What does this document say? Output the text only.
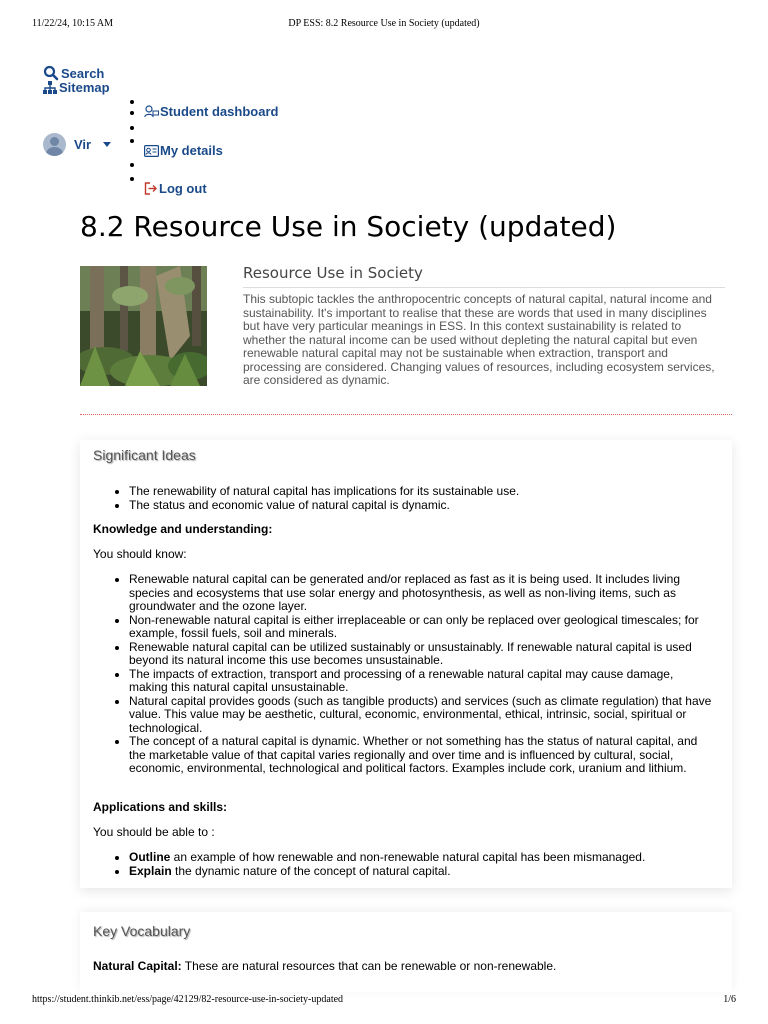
11/22/24, 10:15 AM	DP ESS: 8.2 Resource Use in Society (updated)
Search
Sitemap
Vir
Student dashboard
My details
Log out
8.2 Resource Use in Society (updated)
Resource Use in Society

This subtopic tackles the anthropocentric concepts of natural capital, natural income and sustainability. It's important to realise that these are words that used in many disciplines but have very particular meanings in ESS. In this context sustainability is related to whether the natural income can be used without depleting the natural capital but even renewable natural capital may not be sustainable when extraction, transport and processing are considered. Changing values of resources, including ecosystem services, are considered as dynamic.

Significant Ideas
• The renewability of natural capital has implications for its sustainable use.
• The status and economic value of natural capital is dynamic.

Knowledge and understanding:

You should know:

• Renewable natural capital can be generated and/or replaced as fast as it is being used. It includes living species and ecosystems that use solar energy and photosynthesis, as well as non-living items, such as groundwater and the ozone layer.
• Non-renewable natural capital is either irreplaceable or can only be replaced over geological timescales; for example, fossil fuels, soil and minerals.
• Renewable natural capital can be utilized sustainably or unsustainably. If renewable natural capital is used beyond its natural income this use becomes unsustainable.
• The impacts of extraction, transport and processing of a renewable natural capital may cause damage, making this natural capital unsustainable.
• Natural capital provides goods (such as tangible products) and services (such as climate regulation) that have value. This value may be aesthetic, cultural, economic, environmental, ethical, intrinsic, social, spiritual or technological.
• The concept of a natural capital is dynamic. Whether or not something has the status of natural capital, and the marketable value of that capital varies regionally and over time and is influenced by cultural, social, economic, environmental, technological and political factors. Examples include cork, uranium and lithium.

Applications and skills:

You should be able to :

• Outline an example of how renewable and non-renewable natural capital has been mismanaged.
• Explain the dynamic nature of the concept of natural capital.
Key Vocabulary

Natural Capital: These are natural resources that can be renewable or non-renewable.

https://student.thinkib.net/ess/page/42129/82-resource-use-in-society-updated	1/6
